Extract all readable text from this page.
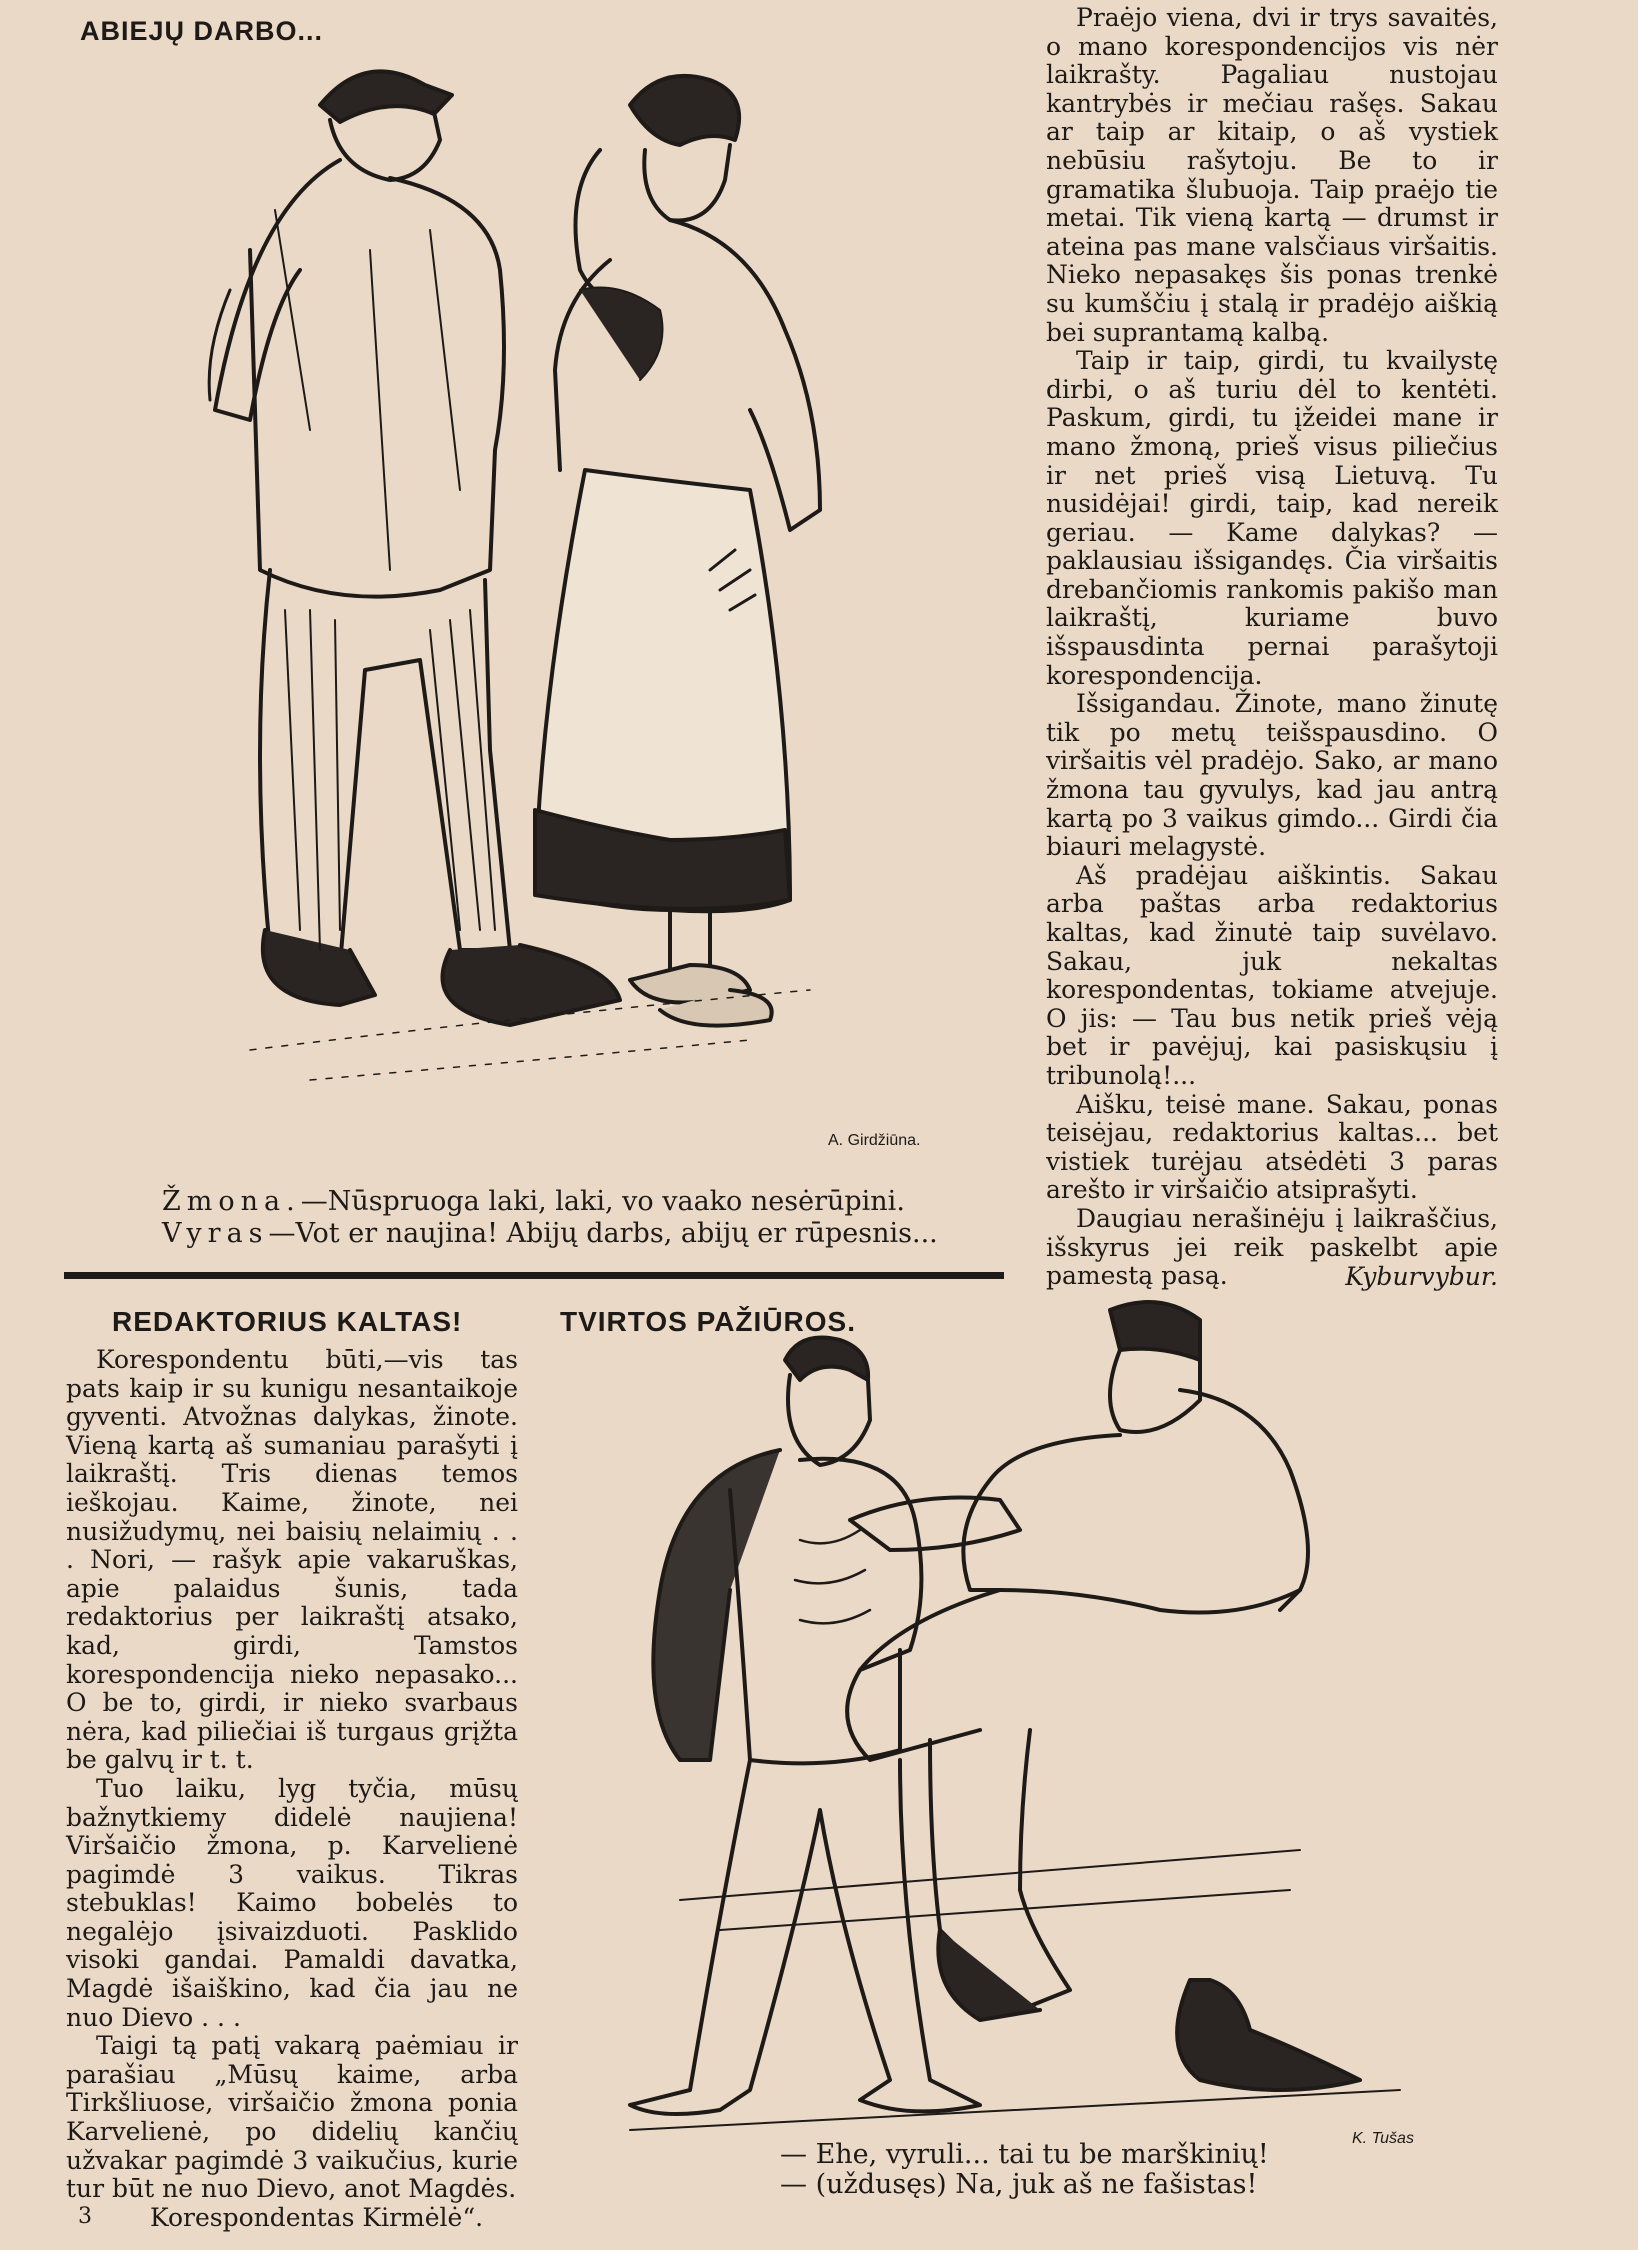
ABIEJŲ DARBO...
A. Girdžiūna.
Žmona.—Nūspruoga laki, laki, vo vaako nesėrūpini.
Vyras—Vot er naujina! Abijų darbs, abijų er rūpesnis...

Praėjo viena, dvi ir trys savaitės, o mano korespondencijos vis nėr laikrašty. Pagaliau nustojau kantrybės ir mečiau rašęs. Sakau ar taip ar kitaip, o aš vystiek nebūsiu rašytoju. Be to ir gramatika šlubuoja. Taip praėjo tie metai. Tik vieną kartą — drumst ir ateina pas mane valsčiaus viršaitis. Nieko nepasakęs šis ponas trenkė su kumščiu į stalą ir pradėjo aiškią bei suprantamą kalbą.

Taip ir taip, girdi, tu kvailystę dirbi, o aš turiu dėl to kentėti. Paskum, girdi, tu įžeidei mane ir mano žmoną, prieš visus piliečius ir net prieš visą Lietuvą. Tu nusidėjai! girdi, taip, kad nereik geriau. — Kame dalykas? — paklausiau išsigandęs. Čia viršaitis drebančiomis rankomis pakišo man laikraštį, kuriame buvo išspausdinta pernai parašytoji korespondencija.

Išsigandau. Žinote, mano žinutę tik po metų teišspausdino. O viršaitis vėl pradėjo. Sako, ar mano žmona tau gyvulys, kad jau antrą kartą po 3 vaikus gimdo... Girdi čia biauri melagystė.

Aš pradėjau aiškintis. Sakau arba paštas arba redaktorius kaltas, kad žinutė taip suvėlavo. Sakau, juk nekaltas korespondentas, tokiame atvejuje. O jis: — Tau bus netik prieš vėją bet ir pavėjuj, kai pasiskųsiu į tribunolą!...

Aišku, teisė mane. Sakau, ponas teisėjau, redaktorius kaltas... bet vistiek turėjau atsėdėti 3 paras arešto ir viršaičio atsiprašyti.

Daugiau nerašinėju į laikraščius, išskyrus jei reik paskelbt apie pamestą pasą.	Kyburvybur.

REDAKTORIUS KALTAS!

Korespondentu būti,—vis tas pats kaip ir su kunigu nesantaikoje gyventi. Atvožnas dalykas, žinote. Vieną kartą aš sumaniau parašyti į laikraštį. Tris dienas temos ieškojau. Kaime, žinote, nei nusižudymų, nei baisių nelaimių . . . Nori, — rašyk apie vakaruškas, apie palaidus šunis, tada redaktorius per laikraštį atsako, kad, girdi, Tamstos korespondencija nieko nepasako... O be to, girdi, ir nieko svarbaus nėra, kad piliečiai iš turgaus grįžta be galvų ir t. t.

Tuo laiku, lyg tyčia, mūsų bažnytkiemy didelė naujiena! Viršaičio žmona, p. Karvelienė pagimdė 3 vaikus. Tikras stebuklas! Kaimo bobelės to negalėjo įsivaizduoti. Pasklido visoki gandai. Pamaldi davatka, Magdė išaiškino, kad čia jau ne nuo Dievo . . .

Taigi tą patį vakarą paėmiau ir parašiau „Mūsų kaime, arba Tirkšliuose, viršaičio žmona ponia Karvelienė, po didelių kančių užvakar pagimdė 3 vaikučius, kurie tur būt ne nuo Dievo, anot Magdės.

Korespondentas Kirmėlė“.

TVIRTOS PAŽIŪROS.
K. Tušas
— Ehe, vyruli... tai tu be marškinių!
— (uždusęs) Na, juk aš ne fašistas!
3
